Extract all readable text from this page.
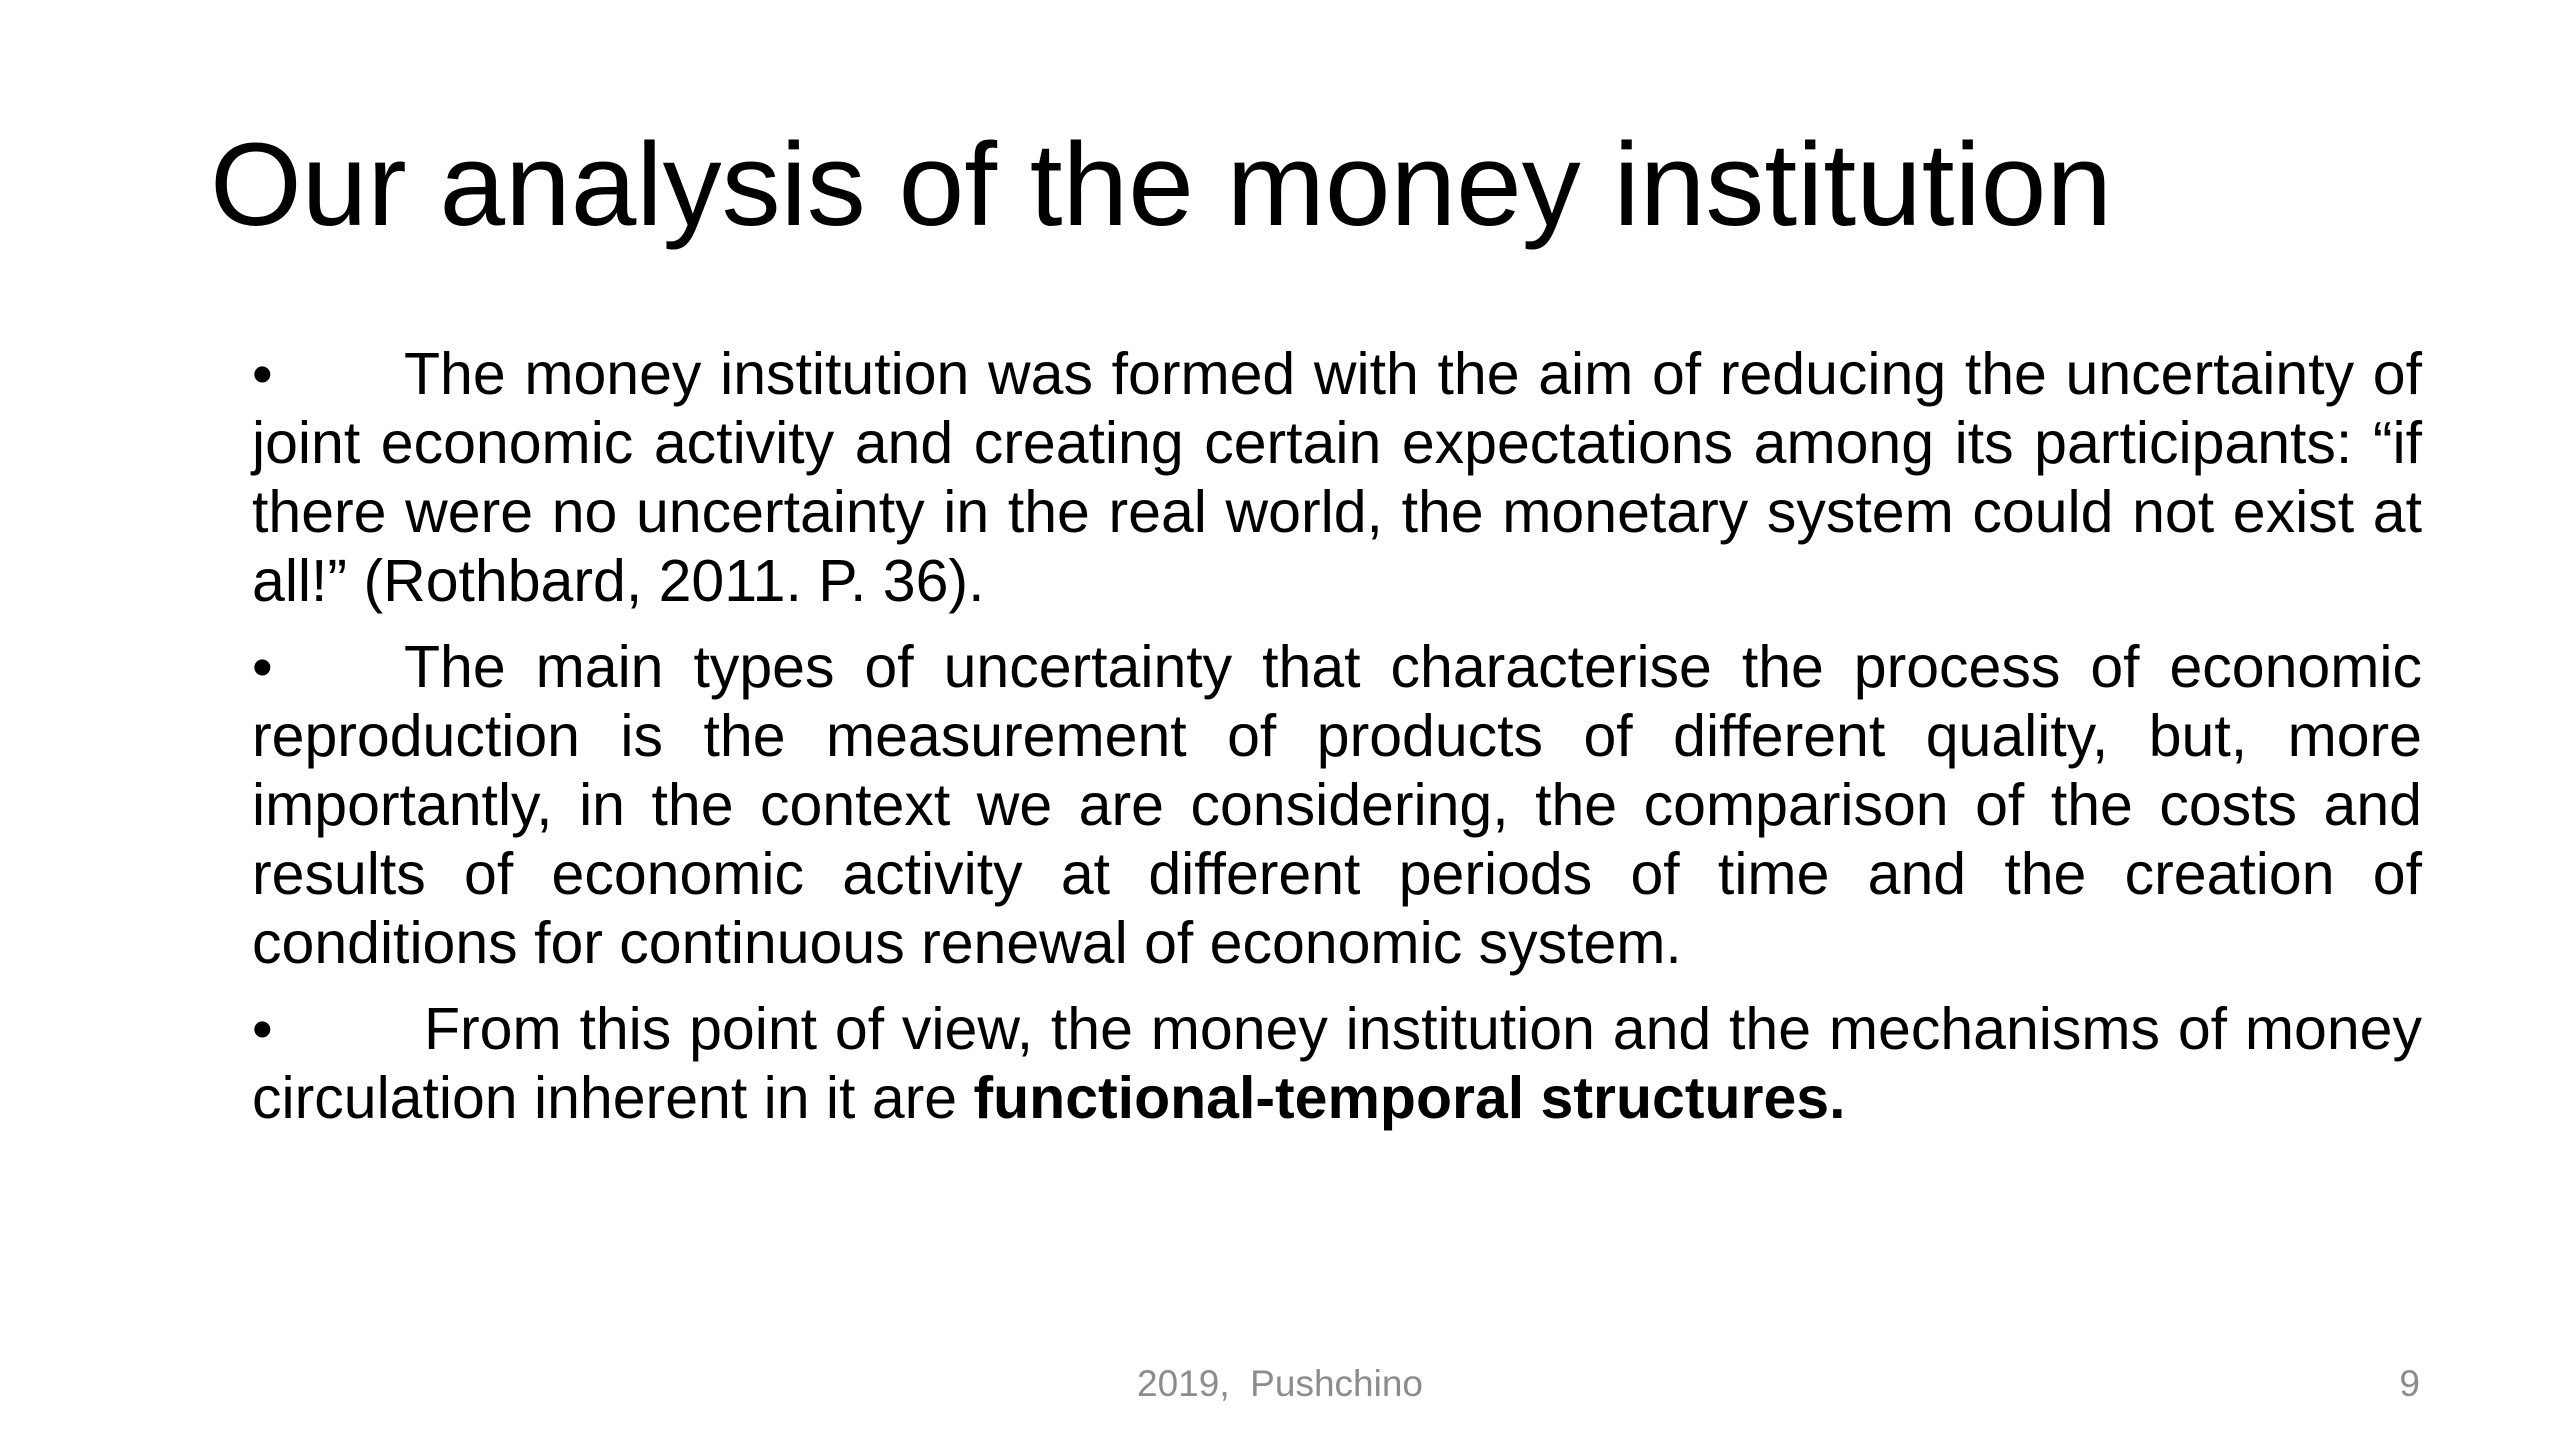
Our analysis of the money institution

• The money institution was formed with the aim of reducing the uncertainty of joint economic activity and creating certain expectations among its participants: “if there were no uncertainty in the real world, the monetary system could not exist at all!” (Rothbard, 2011. P. 36).

• The main types of uncertainty that characterise the process of economic reproduction is the measurement of products of different quality, but, more importantly, in the context we are considering, the comparison of the costs and results of economic activity at different periods of time and the creation of conditions for continuous renewal of economic system.

•	From this point of view, the money institution and the mechanisms of money circulation inherent in it are functional-temporal structures.

2019,  Pushchino	9
